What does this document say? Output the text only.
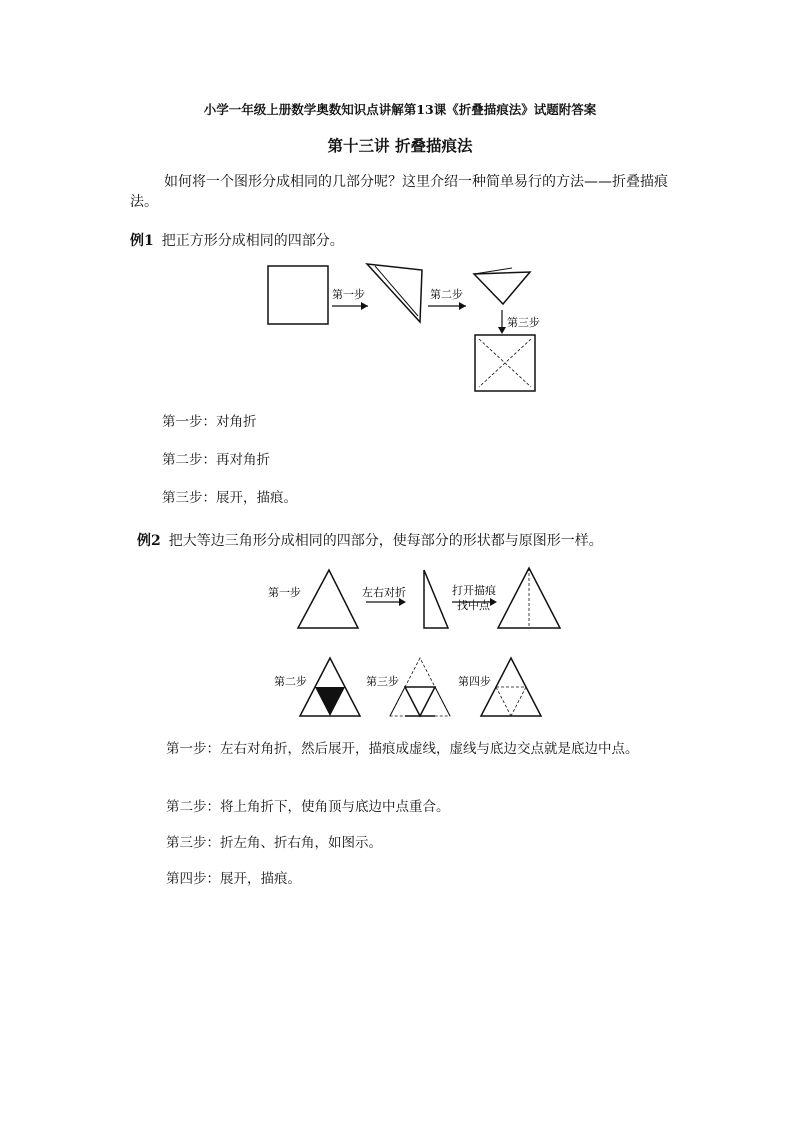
小学一年级上册数学奥数知识点讲解第13课《折叠描痕法》试题附答案
第十三讲 折叠描痕法
如何将一个图形分成相同的几部分呢？这里介绍一种简单易行的方法——折叠描痕法。
例1 把正方形分成相同的四部分。
第一步	第二步
第三步
第一步：对角折
第二步：再对角折
第三步：展开，描痕。
例2 把大等边三角形分成相同的四部分，使每部分的形状都与原图形一样。
第一步	左右对折	打开描痕
找中点
第二步	第三步	第四步
第一步：左右对角折，然后展开，描痕成虚线，虚线与底边交点就是底边中点。
第二步：将上角折下，使角顶与底边中点重合。
第三步：折左角、折右角，如图示。
第四步：展开，描痕。
